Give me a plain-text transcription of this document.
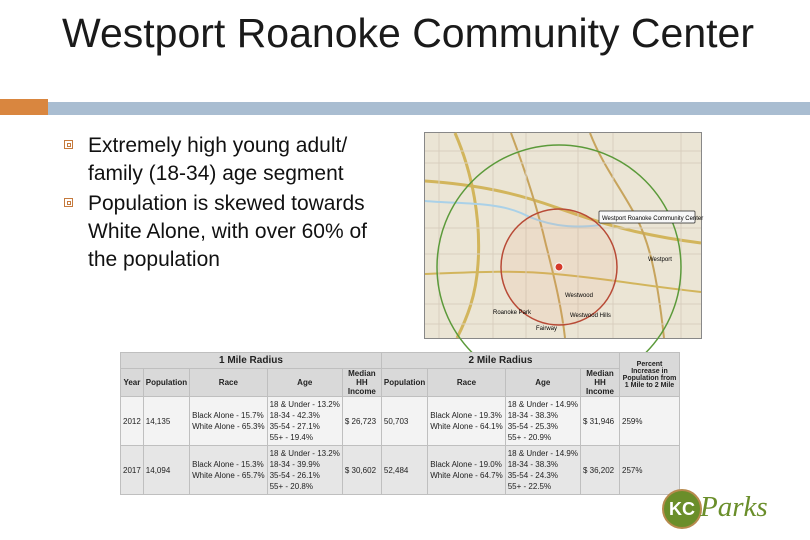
Westport Roanoke Community Center
Extremely high young adult/ family (18-34) age segment
Population is skewed towards White Alone, with over 60% of the population
Westport Roanoke Community Center
Westwood
Westwood Hills
Westport
Roanoke Park
Fairway
1 Mile Radius					2 Mile Radius				Percent Increase in Population from 1 Mile to 2 Mile
Year	Population	Race	Age	Median HH Income	Population	Race	Age	Median HH Income	
2012	14,135	Black Alone - 15.7%
White Alone - 65.3%	18 & Under - 13.2%
18-34 - 42.3%
35-54 - 27.1%
55+ - 19.4%	$ 26,723	50,703	Black Alone - 19.3%
White Alone - 64.1%	18 & Under - 14.9%
18-34 - 38.3%
35-54 - 25.3%
55+ - 20.9%	$ 31,946	259%
2017	14,094	Black Alone - 15.3%
White Alone - 65.7%	18 & Under - 13.2%
18-34 - 39.9%
35-54 - 26.1%
55+ - 20.8%	$ 30,602	52,484	Black Alone - 19.0%
White Alone - 64.7%	18 & Under - 14.9%
18-34 - 38.3%
35-54 - 24.3%
55+ - 22.5%	$ 36,202	257%
KC Parks
